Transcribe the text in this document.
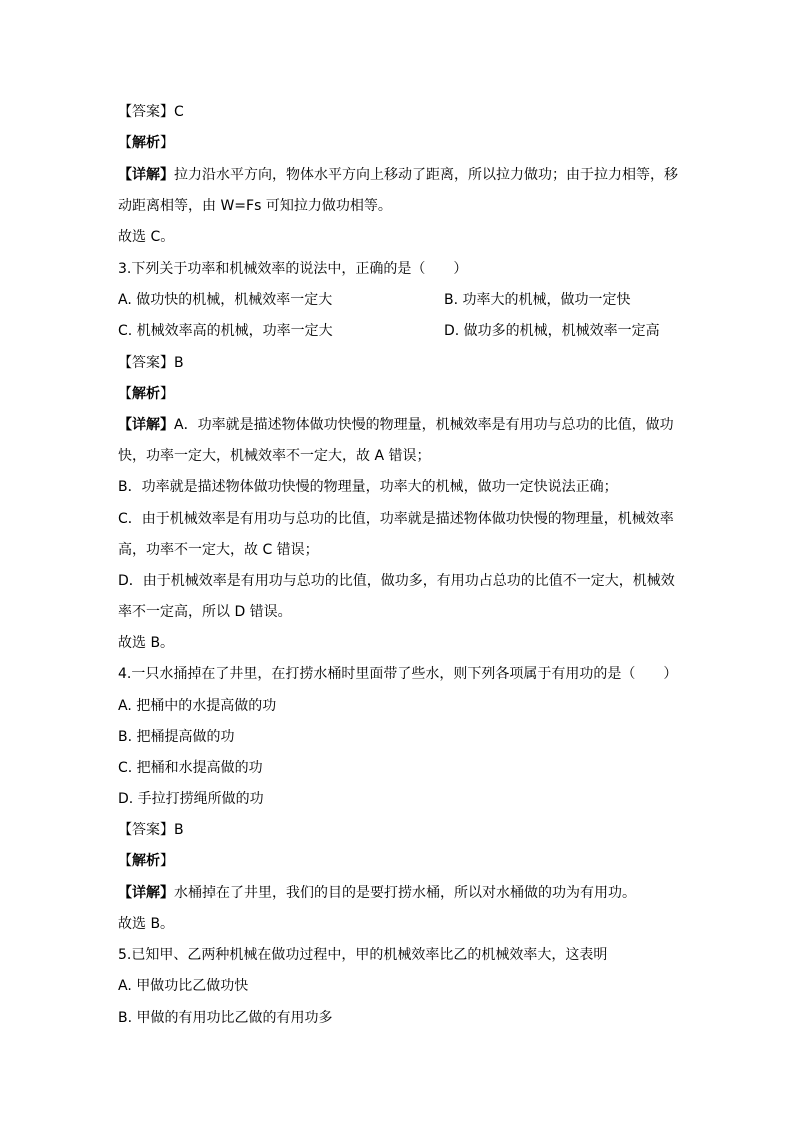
【答案】C
【解析】
【详解】拉力沿水平方向，物体水平方向上移动了距离，所以拉力做功；由于拉力相等，移
动距离相等，由 W=Fs 可知拉力做功相等。
故选 C。
3.下列关于功率和机械效率的说法中，正确的是（　　）
A. 做功快的机械，机械效率一定大	B. 功率大的机械，做功一定快
C. 机械效率高的机械，功率一定大	D. 做功多的机械，机械效率一定高
【答案】B
【解析】
【详解】A．功率就是描述物体做功快慢的物理量，机械效率是有用功与总功的比值，做功
快，功率一定大，机械效率不一定大，故 A 错误；
B．功率就是描述物体做功快慢的物理量，功率大的机械，做功一定快说法正确；
C．由于机械效率是有用功与总功的比值，功率就是描述物体做功快慢的物理量，机械效率
高，功率不一定大，故 C 错误；
D．由于机械效率是有用功与总功的比值，做功多，有用功占总功的比值不一定大，机械效
率不一定高，所以 D 错误。
故选 B。
4.一只水捅掉在了井里，在打捞水桶时里面带了些水，则下列各项属于有用功的是（　　）
A. 把桶中的水提高做的功
B. 把桶提高做的功
C. 把桶和水提高做的功
D. 手拉打捞绳所做的功
【答案】B
【解析】
【详解】水桶掉在了井里，我们的目的是要打捞水桶，所以对水桶做的功为有用功。
故选 B。
5.已知甲、乙两种机械在做功过程中，甲的机械效率比乙的机械效率大，这表明
A. 甲做功比乙做功快
B. 甲做的有用功比乙做的有用功多
